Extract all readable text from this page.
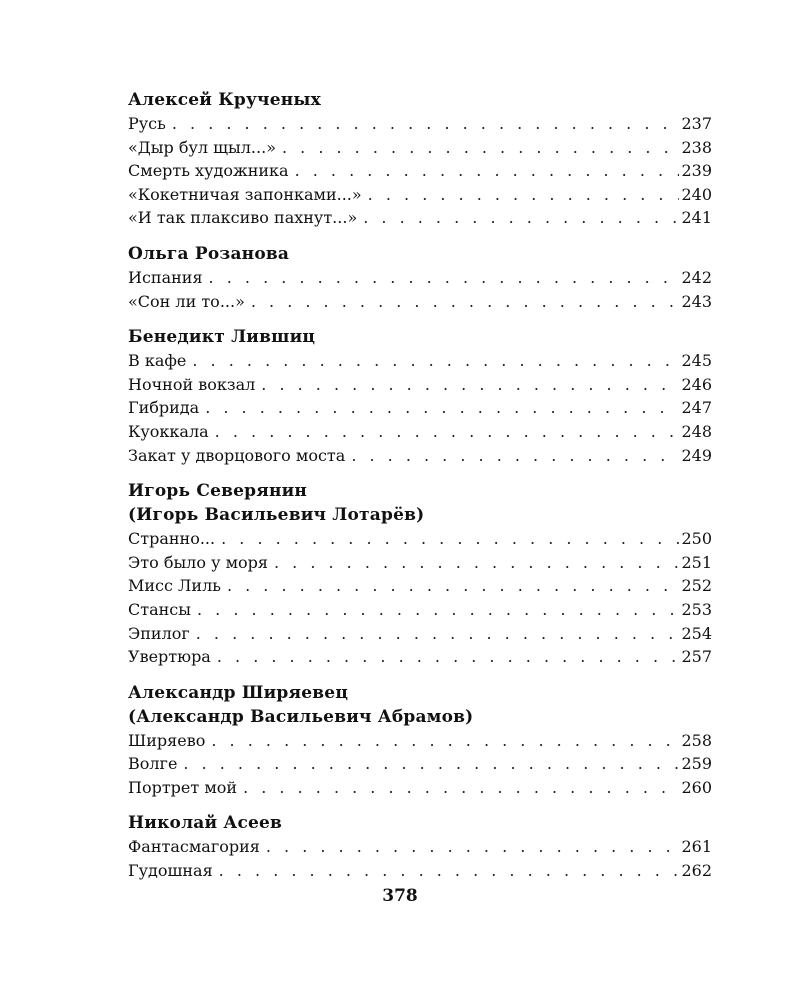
Алексей Крученых
Русь . . .	237
«Дыр бул щыл...» . . .	238
Смерть художника . . .	239
«Кокетничая запонками...» . . .	240
«И так плаксиво пахнут...» . . .	241
Ольга Розанова
Испания . . .	242
«Сон ли то...» . . .	243
Бенедикт Лившиц
В кафе . . .	245
Ночной вокзал . . .	246
Гибрида . . .	247
Куоккала . . .	248
Закат у дворцового моста . . .	249
Игорь Северянин
(Игорь Васильевич Лотарёв)
Странно... . . .	250
Это было у моря . . .	251
Мисс Лиль . . .	252
Стансы . . .	253
Эпилог . . .	254
Увертюра . . .	257
Александр Ширяевец
(Александр Васильевич Абрамов)
Ширяево . . .	258
Волге . . .	259
Портрет мой . . .	260
Николай Асеев
Фантасмагория . . .	261
Гудошная . . .	262
378
